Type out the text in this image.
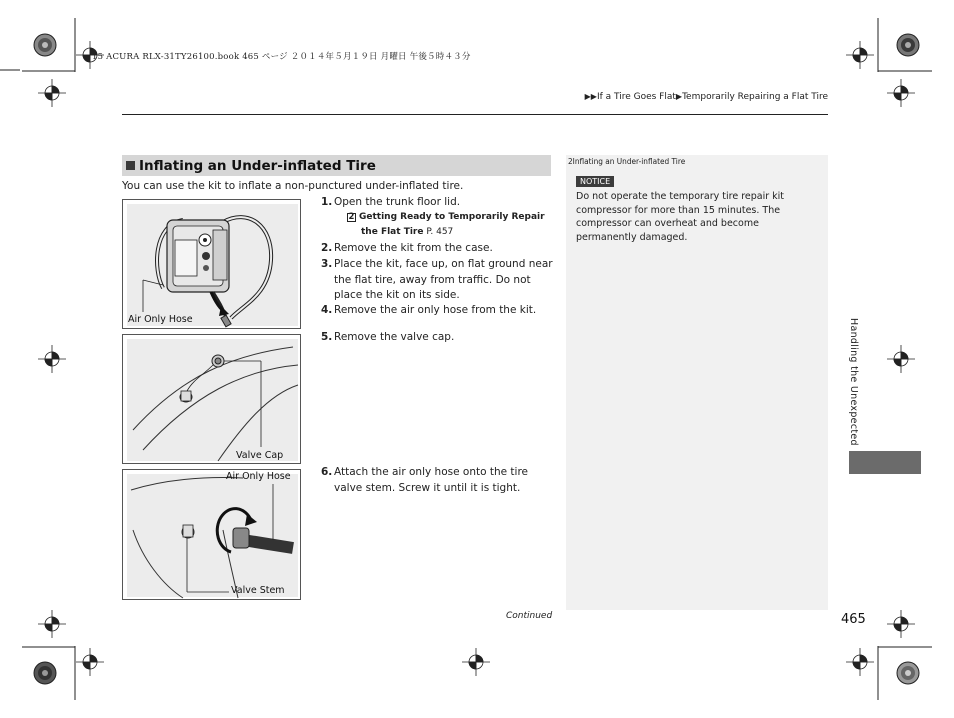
15 ACURA RLX-31TY26100.book 465 ページ ２０１４年５月１９日 月曜日 午後５時４３分
▶▶If a Tire Goes Flat▶Temporarily Repairing a Flat Tire
Inflating an Under-inflated Tire
You can use the kit to inflate a non-punctured under-inflated tire.
Air Only Hose
Valve Cap
Air Only Hose
Valve Stem
1. Open the trunk floor lid.
2 Getting Ready to Temporarily Repair
the Flat Tire P. 457
2. Remove the kit from the case.
3. Place the kit, face up, on flat ground near the flat tire, away from traffic. Do not place the kit on its side.
4. Remove the air only hose from the kit.
5. Remove the valve cap.
6. Attach the air only hose onto the tire valve stem. Screw it until it is tight.
2Inflating an Under-inflated Tire
NOTICE
Do not operate the temporary tire repair kit compressor for more than 15 minutes. The compressor can overheat and become permanently damaged.
Continued	465
Handling the Unexpected
